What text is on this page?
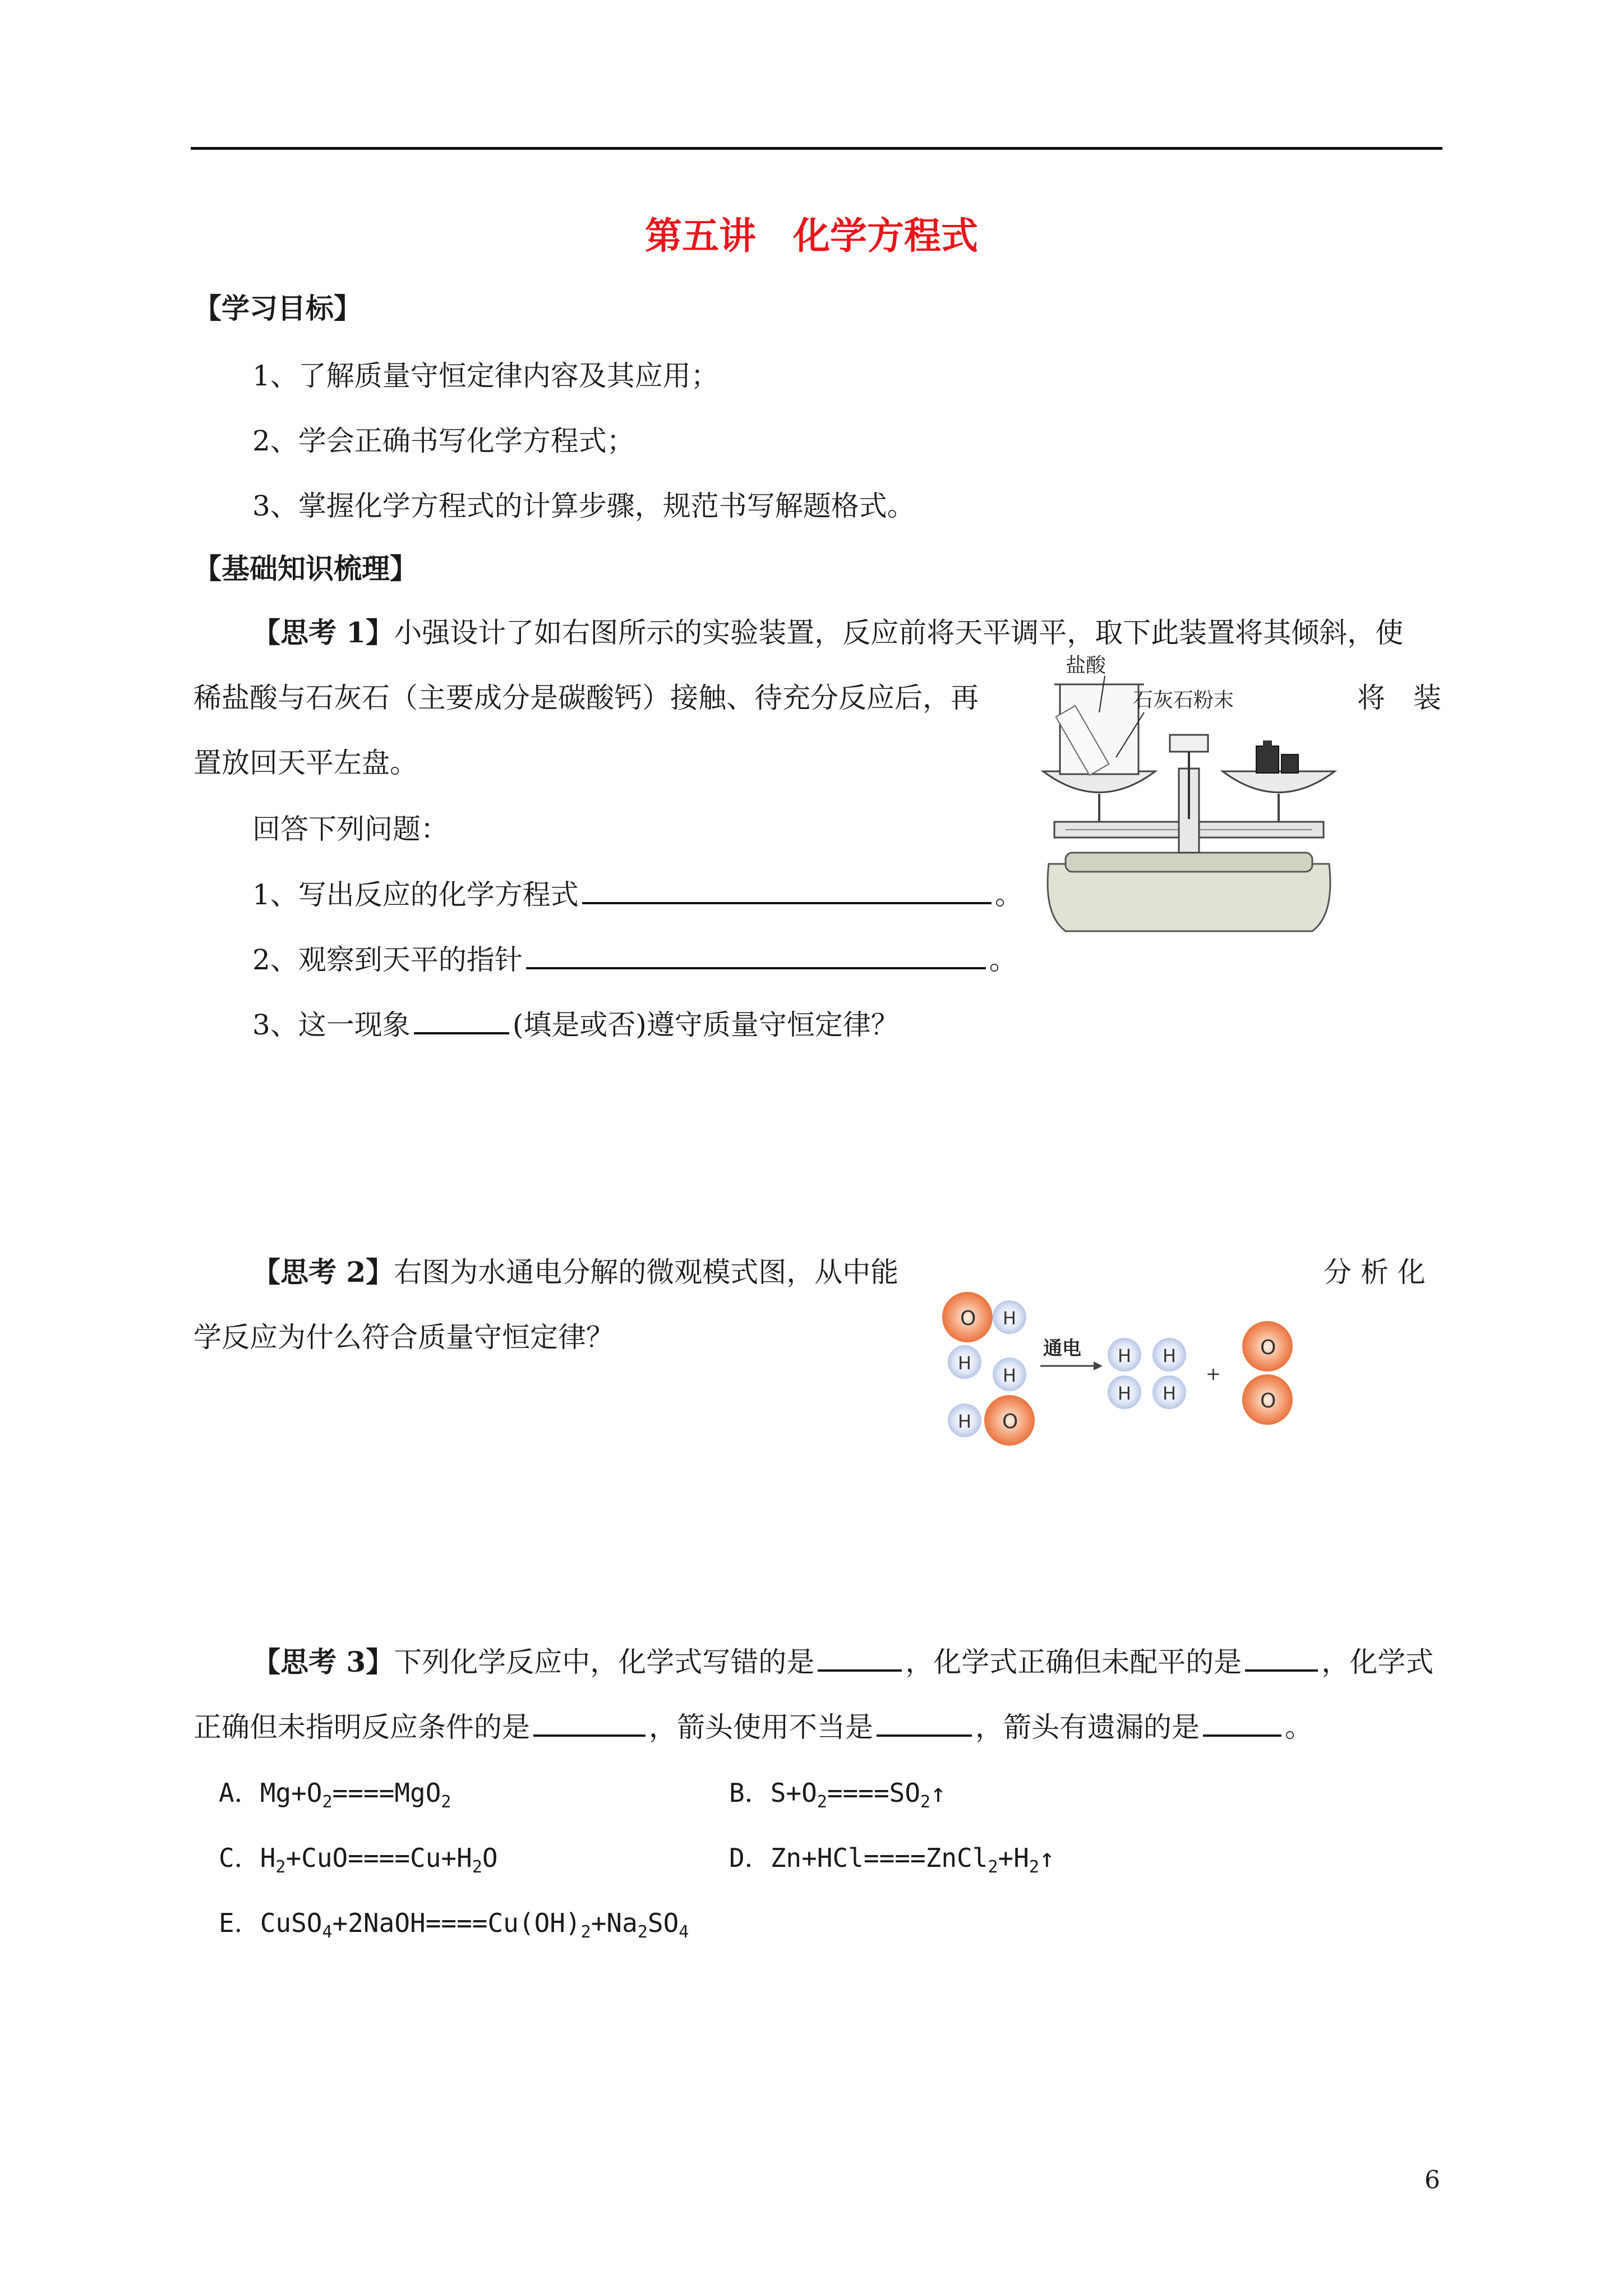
第五讲　化学方程式
【学习目标】
1、了解质量守恒定律内容及其应用；
2、学会正确书写化学方程式；
3、掌握化学方程式的计算步骤，规范书写解题格式。
【基础知识梳理】
【思考 1】小强设计了如右图所示的实验装置，反应前将天平调平，取下此装置将其倾斜，使
稀盐酸与石灰石（主要成分是碳酸钙）接触、待充分反应后，再	将　装
置放回天平左盘。
回答下列问题：
1、写出反应的化学方程式	。
2、观察到天平的指针	。
3、这一现象	(填是或否)遵守质量守恒定律？
盐酸
石灰石粉末
【思考 2】右图为水通电分解的微观模式图，从中能	分 析 化
学反应为什么符合质量守恒定律？
O H
H
H
H O
通电 H
H
H
H
+
O
O
【思考 3】下列化学反应中，化学式写错的是	，化学式正确但未配平的是	，化学式
正确但未指明反应条件的是	，箭头使用不当是	，箭头有遗漏的是	。
A．$Mg+O_2====MgO_2$	B．$S+O_2====SO_2↑$
C．$H_2+CuO====Cu+H_2O$	D．$Zn+HCl====ZnCl_2+H_2↑$
E．$CuSO_4+2NaOH====Cu(OH)_2+Na_2SO_4$
6
